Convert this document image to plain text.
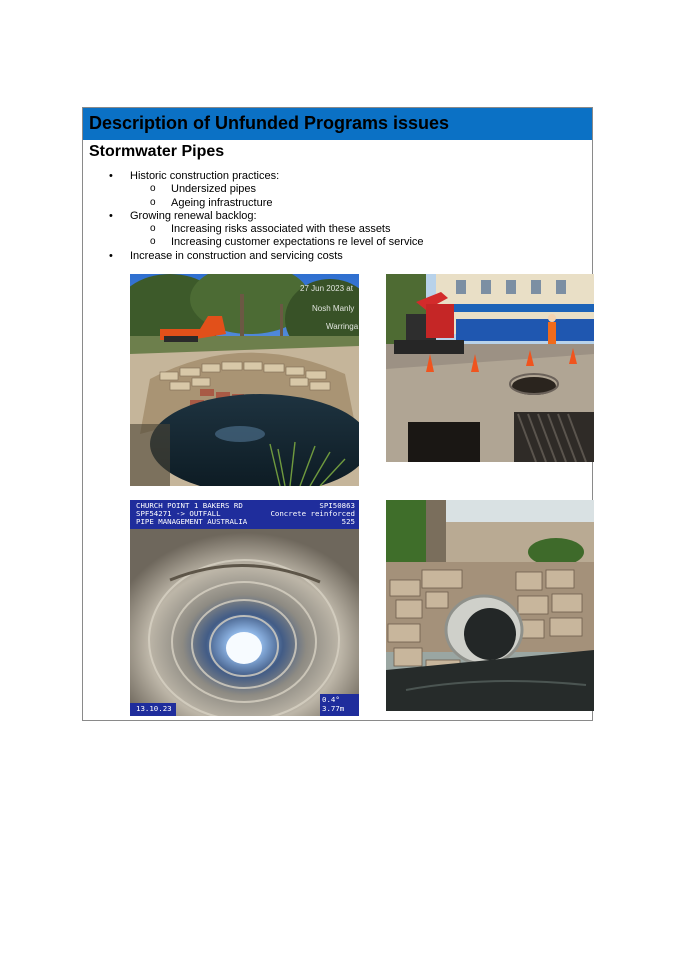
Description of Unfunded Programs issues
Stormwater Pipes
• Historic construction practices:
o Undersized pipes
o Ageing infrastructure
• Growing renewal backlog:
o Increasing risks associated with these assets
o Increasing customer expectations re level of service
• Increase in construction and servicing costs
27 Jun 2023 at
Nosh Manly
Warringa
CHURCH POINT 1 BAKERS RD	SPI50863
SPF54271 -> OUTFALL	Concrete reinforced
PIPE MANAGEMENT AUSTRALIA	525
13.10.23
0.4°
3.77m
